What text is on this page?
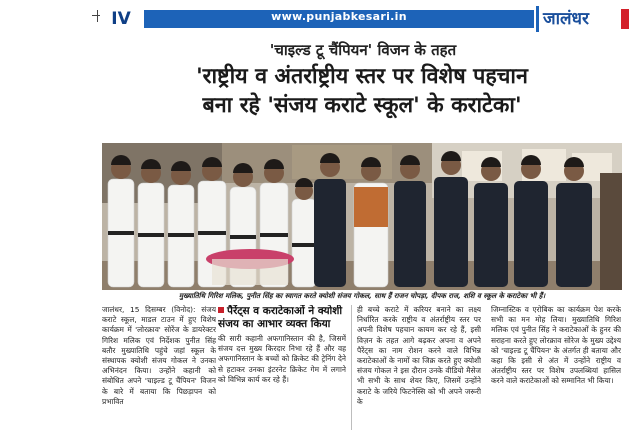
IV	www.punjabkesari.in	जालंधर
'चाइल्ड टू चैंपियन' विजन के तहत
'राष्ट्रीय व अंतर्राष्ट्रीय स्तर पर विशेष पहचान
बना रहे 'संजय कराटे स्कूल' के कराटेका'
मुख्यातिथि गिरिश मलिक, पुनीत सिंह का स्वागत करते क्योशी संजय गोकल, साथ हैं राजन चोपड़ा, दीपक राज, शशि व स्कूल के कराटेका भी हैं।

जालंधर, 15 दिसम्बर (विनोद): संजय कराटे स्कूल, माडल टाउन में हुए विशेष कार्यक्रम में 'लोरक्राव' सोरेंज के डायरेक्टर गिरिश मलिक एवं निर्देशक पुनीत सिंह बतौर मुख्यातिथि पहुंचे जहां स्कूल के संस्थापक क्योशी संजय गोकल ने उनका अभिनंदन किया। उन्होंने कहानी को संबोधित अपने 'चाइल्ड टू चैंपियन' विजन के बारे में बताया कि पिछड़ापन को प्रभावित

पैरेंट्स व कराटेकाओं ने क्योशी संजय का आभार व्यक्त किया

की सारी कहानी अफगानिस्तान की है, जिसमें संजय दत्त मुख्य किरदार निभा रहे हैं और वह अफगानिस्तान के बच्चों को क्रिकेट की ट्रेनिंग देने से हटाकर उनका इंटरनेट क्रिकेट गेम में लगाने को विभिन्न कार्य कर रहे हैं।

ही बच्चे कराटे में करियर बनाने का लक्ष्य निर्धारित करके राष्ट्रीय व अंतर्राष्ट्रीय स्तर पर अपनी विशेष पहचान कायम कर रहे हैं, इसी विज़न के तहत आगे बढ़कर अपना व अपने पैरेंट्स का नाम रोशन करने वाले विभिन्न कराटेकाओं के नामों का जिक्र करते हुए क्योशी संजय गोकल ने इस दौरान उनके वीडियो मैसेज भी सभी के साथ शेयर किए, जिसमें उन्होंने कराटे के जरिये फिटनेस्सि को भी अपने जरूरी के

जिम्नास्टिक व एरोबिक का कार्यक्रम पेश करके सभी का मन मोह लिया। मुख्यातिथि गिरिश मलिक एवं पुनीत सिंह ने कराटेकाओं के हुनर की सराहना करते हुए लोरक्राव सोरेज के मुख्य उद्देश्य को 'चाइल्ड टू चैंपियन' के अंतर्गत ही बताया और कहा कि इसी से अंत में उन्होंने राष्ट्रीय व अंतर्राष्ट्रीय स्तर पर विशेष उपलब्धियां हासिल करने वाले कराटेकाओं को सम्मानित भी किया।
